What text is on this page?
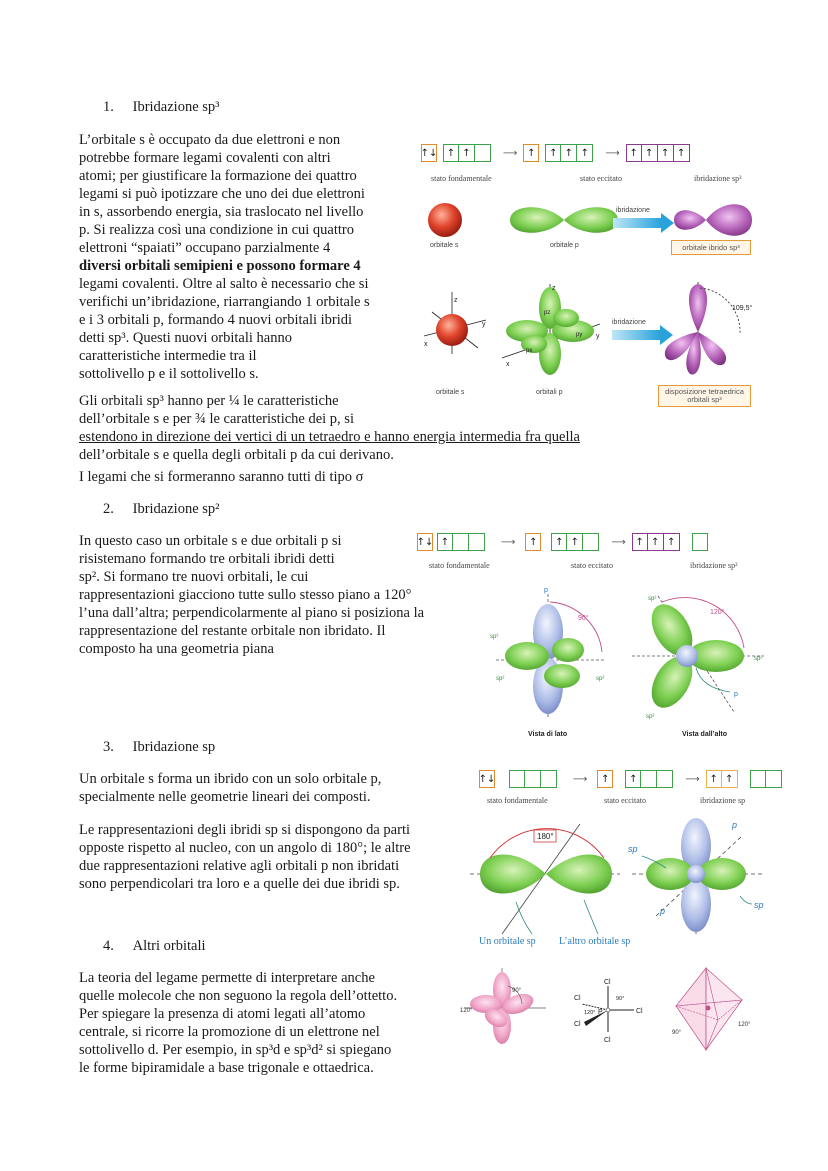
1. Ibridazione sp³
L’orbitale s è occupato da due elettroni e non
potrebbe formare legami covalenti con altri
atomi; per giustificare la formazione dei quattro
legami si può ipotizzare che uno dei due elettroni
in s, assorbendo energia, sia traslocato nel livello
p. Si realizza così una condizione in cui quattro
elettroni “spaiati” occupano parzialmente 4
diversi orbitali semipieni e possono formare 4
legami covalenti. Oltre al salto è necessario che si
verifichi un’ibridazione, riarrangiando 1 orbitale s
e i 3 orbitali p, formando 4 nuovi orbitali ibridi
detti sp³. Questi nuovi orbitali hanno
caratteristiche intermedie tra il
sottolivello p e il sottolivello s.
Gli orbitali sp³ hanno per ¼ le caratteristiche
dell’orbitale s e per ¾ le caratteristiche dei p, si
estendono in direzione dei vertici di un tetraedro e hanno energia intermedia fra quella
dell’orbitale s e quella degli orbitali p da cui derivano.
I legami che si formeranno saranno tutti di tipo σ
↑↓ ↑ ↑	⟶ ↑	↑ ↑ ↑	⟶ ↑ ↑ ↑ ↑
stato fondamentale	stato eccitato	ibridazione sp³
orbitale s	orbitale p
ibridazione
z
x
y
orbitale s
z
pz
px
py
x
y
orbitali p
ibridazione
109,5°
orbitale ibrido sp³
disposizione tetraedrica orbitali sp³
2. Ibridazione sp²
In questo caso un orbitale s e due orbitali p si
risistemano formando tre orbitali ibridi detti
sp². Si formano tre nuovi orbitali, le cui
rappresentazioni giacciono tutte sullo stesso piano a 120°
l’una dall’altra; perpendicolarmente al piano si posiziona la
rappresentazione del restante orbitale non ibridato. Il
composto ha una geometria piana
↑↓ ↑	⟶	↑	↑ ↑	⟶ ↑ ↑ ↑
stato fondamentale	stato eccitato	ibridazione sp²
90°
p
sp²
sp²	sp²
Vista di lato
120°
sp²
sp²
sp²
p
Vista dall’alto
3. Ibridazione sp
Un orbitale s forma un ibrido con un solo orbitale p,
specialmente nelle geometrie lineari dei composti.
Le rappresentazioni degli ibridi sp si dispongono da parti
opposte rispetto al nucleo, con un angolo di 180°; le altre
due rappresentazioni relative agli orbitali p non ibridati
sono perpendicolari tra loro e a quelle dei due ibridi sp.
↑↓	⟶	↑	↑	⟶ ↑ ↑
stato fondamentale	stato eccitato	ibridazione sp
180°
sp
sp
p
p
Un orbitale sp L’altro orbitale sp
4. Altri orbitali
La teoria del legame permette di interpretare anche
quelle molecole che non seguono la regola dell’ottetto.
Per spiegare la presenza di atomi legati all’atomo
centrale, si ricorre la promozione di un elettrone nel
sottolivello d. Per esempio, in sp³d e sp³d² si spiegano
le forme bipiramidale a base trigonale e ottaedrica.
90°
120°
Cl
Cl
Cl
Cl
Cl
P
90°
120°
120°
90°
